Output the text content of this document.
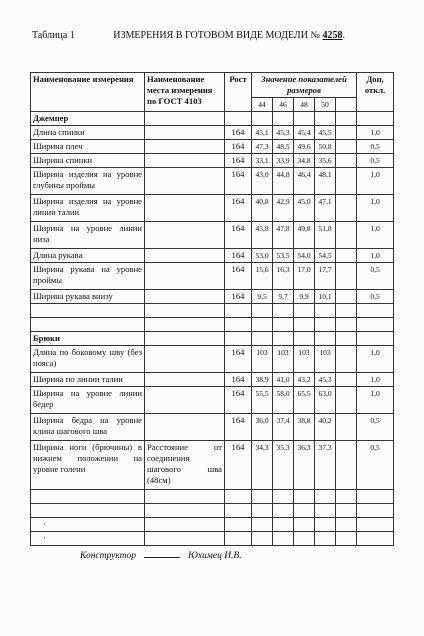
Таблица 1	ИЗМЕРЕНИЯ В ГОТОВОМ ВИДЕ МОДЕЛИ № 4258.
Наименование измерения	Наименование места измерения по ГОСТ 4103	Рост	Значение показателей размеров					Доп, откл.
			44	46	48	50		
Джемпер								
Длина спинки		164	45,1	45,3	45,4	45,5		1,0
Ширина плеч		164	47,3	48,5	49,6	50,8		0,5
Ширина спинки		164	33,1	33,9	34,8	35,6		0,5
Ширина изделия на уровне глубины проймы		164	43,0	44,8	46,4	48,1		1,0
Ширина изделия на уровне линии талии		164	40,8	42,9	45,0	47,1		1,0
Ширина на уровне линии низа		164	45,8	47,8	49,8	51,8		1,0
Длина рукава		164	53,0	53,5	54,0	54,5		1,0
Ширина рукава на уровне проймы		164	15,6	16,3	17,0	17,7		0,5
Ширина рукава внизу		164	9,5	9,7	9,9	10,1		0,5

Брюки								
Длина по боковому шву (без пояса)		164	103	103	103	103		1,0
Ширина по линии талии		164	38,9	41,0	43,2	45,3		1,0
Ширина на уровне линии бедер		164	55,5	58,0	65,5	63,0		1,0
Ширина бедра на уровне клина шагового шва		164	36,0	37,4	38,8	40,2		0,5
Ширина ноги (брючины) в нижнем положении на уровне голени	Расстояние от соединения шагового шва (48см)	164	34,3	35,3	36,3	37,3		0,5

·								
·								
Конструктор	Юхимец И.В.
